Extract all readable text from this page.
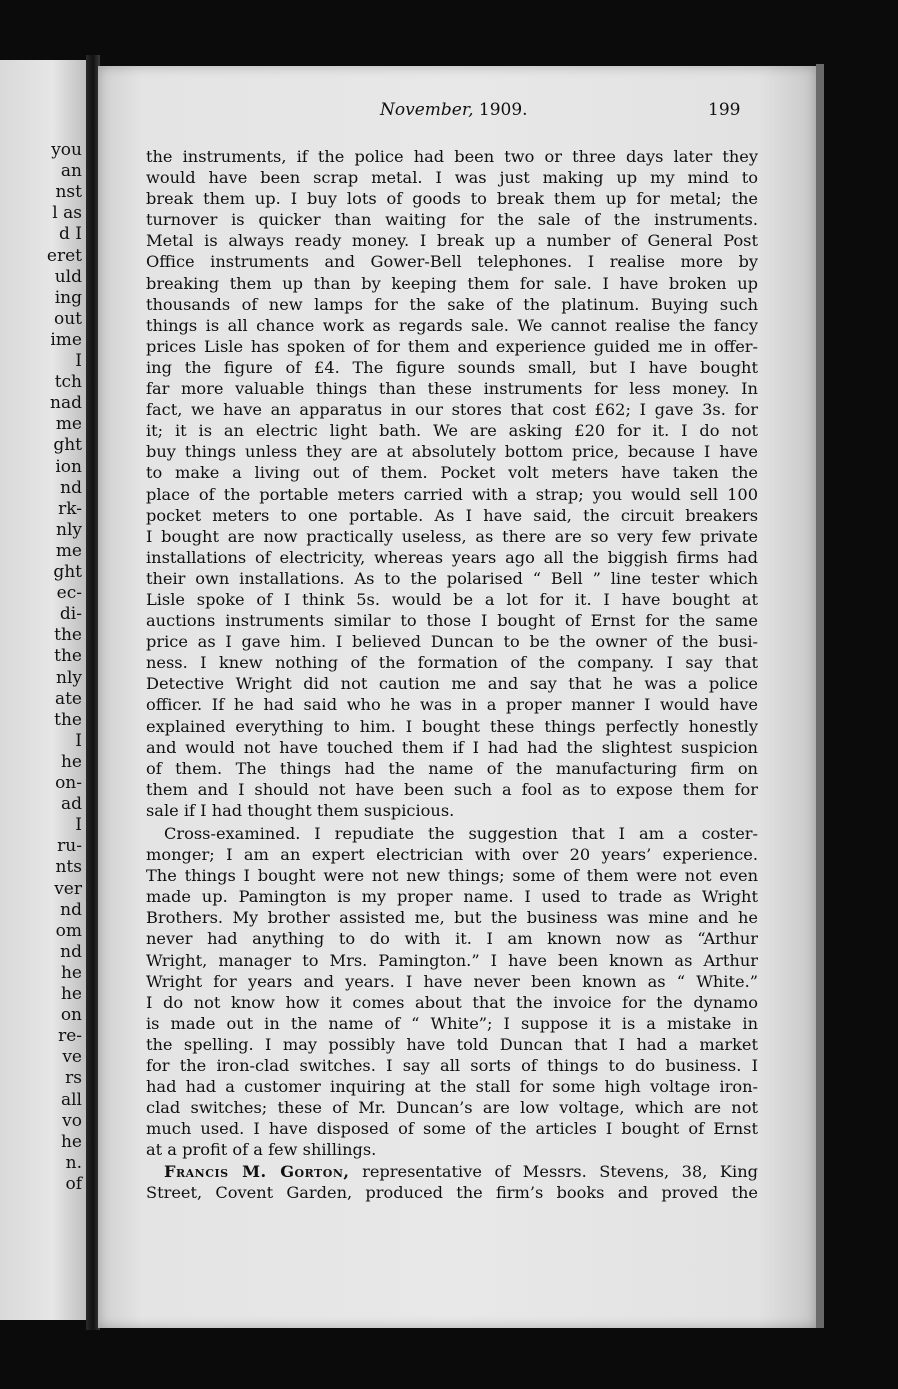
you
an
nst
l as
d I
eret
uld
ing
out
ime
I
tch
nad
me
ght
ion
nd
rk-
nly
me
ght
ec-
di-
the
the
nly
ate
the
I
he
on-
ad
I
ru-
nts
ver
nd
om
nd
he
he
on
re-
ve
rs
all
vo
he
n.
of
November, 1909.	199
the instruments, if the police had been two or three days later they
would have been scrap metal. I was just making up my mind to
break them up. I buy lots of goods to break them up for metal; the
turnover is quicker than waiting for the sale of the instruments.
Metal is always ready money. I break up a number of General Post
Office instruments and Gower-Bell telephones. I realise more by
breaking them up than by keeping them for sale. I have broken up
thousands of new lamps for the sake of the platinum. Buying such
things is all chance work as regards sale. We cannot realise the fancy
prices Lisle has spoken of for them and experience guided me in offer-
ing the figure of £4. The figure sounds small, but I have bought
far more valuable things than these instruments for less money. In
fact, we have an apparatus in our stores that cost £62; I gave 3s. for
it; it is an electric light bath. We are asking £20 for it. I do not
buy things unless they are at absolutely bottom price, because I have
to make a living out of them. Pocket volt meters have taken the
place of the portable meters carried with a strap; you would sell 100
pocket meters to one portable. As I have said, the circuit breakers
I bought are now practically useless, as there are so very few private
installations of electricity, whereas years ago all the biggish firms had
their own installations. As to the polarised “ Bell ” line tester which
Lisle spoke of I think 5s. would be a lot for it. I have bought at
auctions instruments similar to those I bought of Ernst for the same
price as I gave him. I believed Duncan to be the owner of the busi-
ness. I knew nothing of the formation of the company. I say that
Detective Wright did not caution me and say that he was a police
officer. If he had said who he was in a proper manner I would have
explained everything to him. I bought these things perfectly honestly
and would not have touched them if I had had the slightest suspicion
of them. The things had the name of the manufacturing firm on
them and I should not have been such a fool as to expose them for
sale if I had thought them suspicious.
Cross-examined. I repudiate the suggestion that I am a coster-
monger; I am an expert electrician with over 20 years’ experience.
The things I bought were not new things; some of them were not even
made up. Pamington is my proper name. I used to trade as Wright
Brothers. My brother assisted me, but the business was mine and he
never had anything to do with it. I am known now as “Arthur
Wright, manager to Mrs. Pamington.” I have been known as Arthur
Wright for years and years. I have never been known as “ White.”
I do not know how it comes about that the invoice for the dynamo
is made out in the name of “ White”; I suppose it is a mistake in
the spelling. I may possibly have told Duncan that I had a market
for the iron-clad switches. I say all sorts of things to do business. I
had had a customer inquiring at the stall for some high voltage iron-
clad switches; these of Mr. Duncan’s are low voltage, which are not
much used. I have disposed of some of the articles I bought of Ernst
at a profit of a few shillings.
Francis M. Gorton, representative of Messrs. Stevens, 38, King
Street, Covent Garden, produced the firm’s books and proved the
